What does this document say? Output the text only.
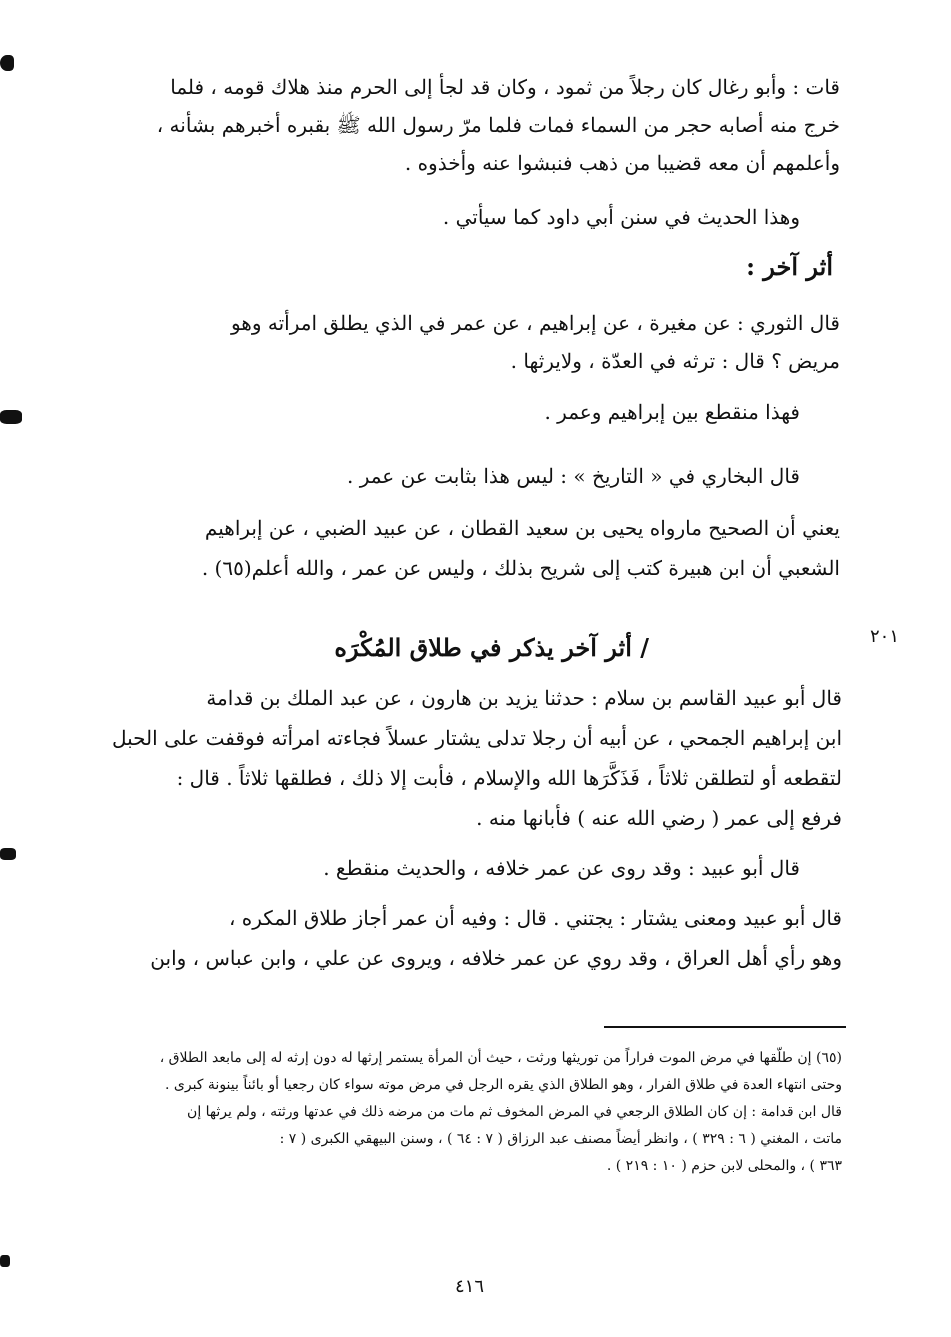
قات : وأبو رغال كان رجلاً من ثمود ، وكان قد لجأ إلى الحرم منذ هلاك قومه ، فلما
خرج منه أصابه حجر من السماء فمات فلما مرّ رسول الله ﷺ بقبره أخبرهم بشأنه ،
وأعلمهم أن معه قضيبا من ذهب فنبشوا عنه وأخذوه .
وهذا الحديث في سنن أبي داود كما سيأتي .
أثر آخر :
قال الثوري : عن مغيرة ، عن إبراهيم ، عن عمر في الذي يطلق امرأته وهو
مريض ؟ قال : ترثه في العدّة ، ولايرثها .
فهذا منقطع بين إبراهيم وعمر .
قال البخاري في « التاريخ » : ليس هذا بثابت عن عمر .
يعني أن الصحيح مارواه يحيى بن سعيد القطان ، عن عبيد الضبي ، عن إبراهيم
الشعبي أن ابن هبيرة كتب إلى شريح بذلك ، وليس عن عمر ، والله أعلم(٦٥) .
٢٠١
/ أثر آخر يذكر في طلاق المُكْرَه
قال أبو عبيد القاسم بن سلام : حدثنا يزيد بن هارون ، عن عبد الملك بن قدامة
ابن إبراهيم الجمحي ، عن أبيه أن رجلا تدلى يشتار عسلاً فجاءته امرأته فوقفت على الحبل
لتقطعه أو لتطلقن ثلاثاً ، فَذَكَّرَها الله والإسلام ، فأبت إلا ذلك ، فطلقها ثلاثاً . قال :
فرفع إلى عمر ( رضي الله عنه ) فأبانها منه .
قال أبو عبيد : وقد روى عن عمر خلافه ، والحديث منقطع .
قال أبو عبيد ومعنى يشتار : يجتني . قال : وفيه أن عمر أجاز طلاق المكره ،
وهو رأي أهل العراق ، وقد روي عن عمر خلافه ، ويروى عن علي ، وابن عباس ، وابن
(٦٥) إن طلّقها في مرض الموت فراراً من توريثها ورثت ، حيث أن المرأة يستمر إرثها له دون إرثه له إلى مابعد الطلاق ،
وحتى انتهاء العدة في طلاق الفرار ، وهو الطلاق الذي يقره الرجل في مرض موته سواء كان رجعيا أو بائناً بينونة كبرى .
قال ابن قدامة : إن كان الطلاق الرجعي في المرض المخوف ثم مات من مرضه ذلك في عدتها ورثته ، ولم يرثها إن
ماتت ، المغني ( ٦ : ٣٢٩ ) ، وانظر أيضاً مصنف عبد الرزاق ( ٧ : ٦٤ ) ، وسنن البيهقي الكبرى ( ٧ :
٣٦٣ ) ، والمحلى لابن حزم ( ١٠ : ٢١٩ ) .
٤١٦
